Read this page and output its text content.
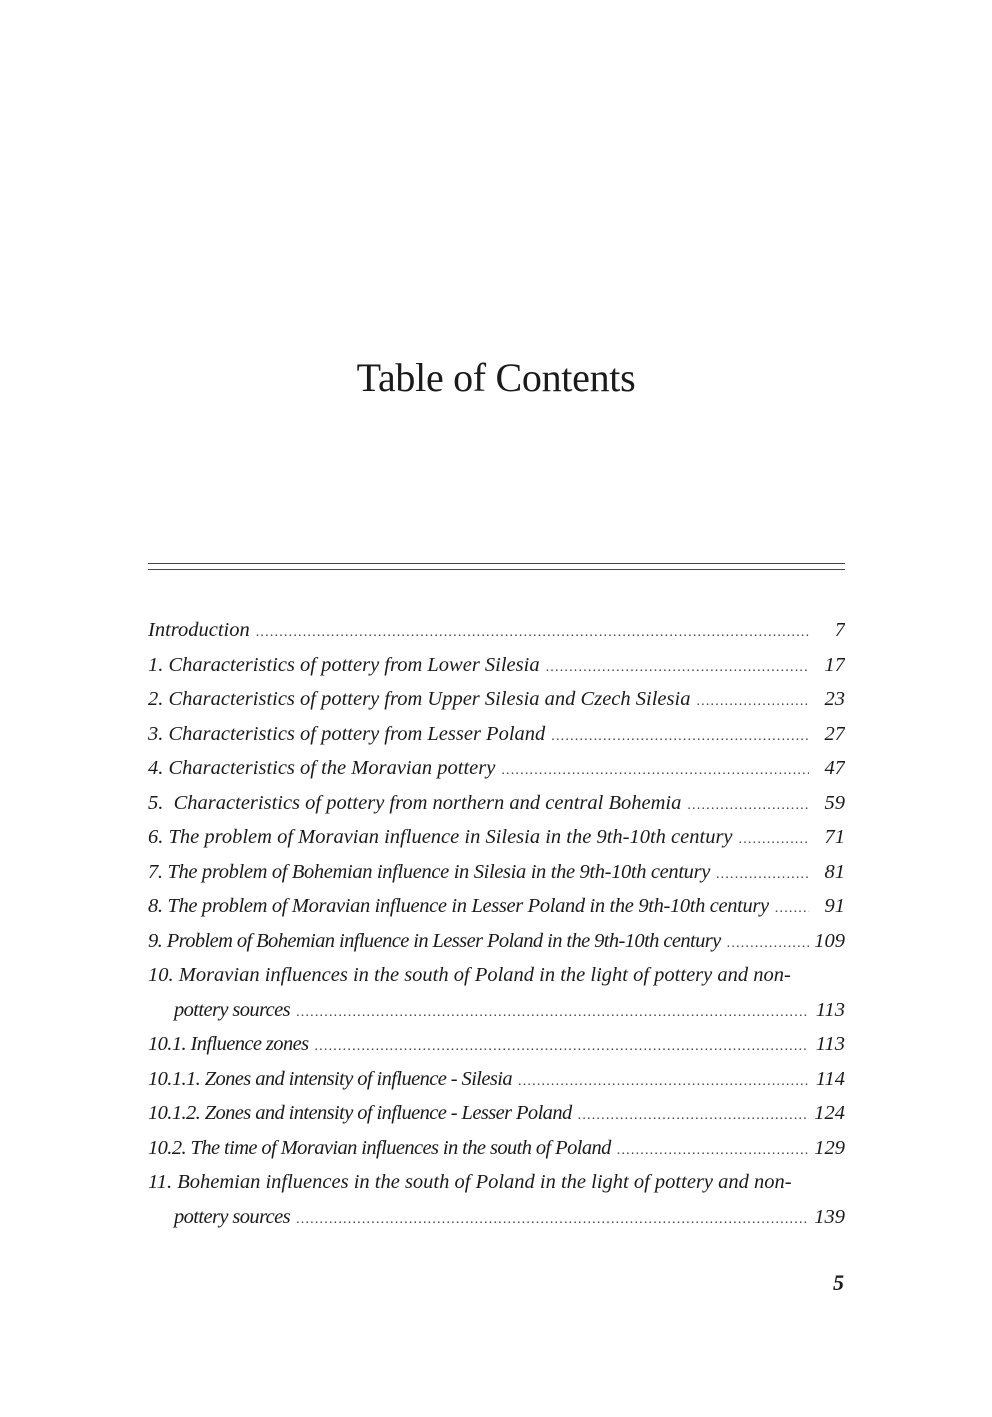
Table of Contents
Introduction .....	7
1. Characteristics of pottery from Lower Silesia .....	17
2. Characteristics of pottery from Upper Silesia and Czech Silesia .....	23
3. Characteristics of pottery from Lesser Poland .....	27
4. Characteristics of the Moravian pottery .....	47
5.  Characteristics of pottery from northern and central Bohemia .....	59
6. The problem of Moravian influence in Silesia in the 9th-10th century .....	71
7. The problem of Bohemian influence in Silesia in the 9th-10th century .....	81
8. The problem of Moravian influence in Lesser Poland in the 9th-10th century .....	91
9. Problem of Bohemian influence in Lesser Poland in the 9th-10th century .....	109
10. Moravian influences in the south of Poland in the light of pottery and non-
pottery sources .....	113
10.1. Influence zones .....	113
10.1.1. Zones and intensity of influence - Silesia .....	114
10.1.2. Zones and intensity of influence - Lesser Poland .....	124
10.2. The time of Moravian influences in the south of Poland .....	129
11. Bohemian influences in the south of Poland in the light of pottery and non-
pottery sources .....	139
5
